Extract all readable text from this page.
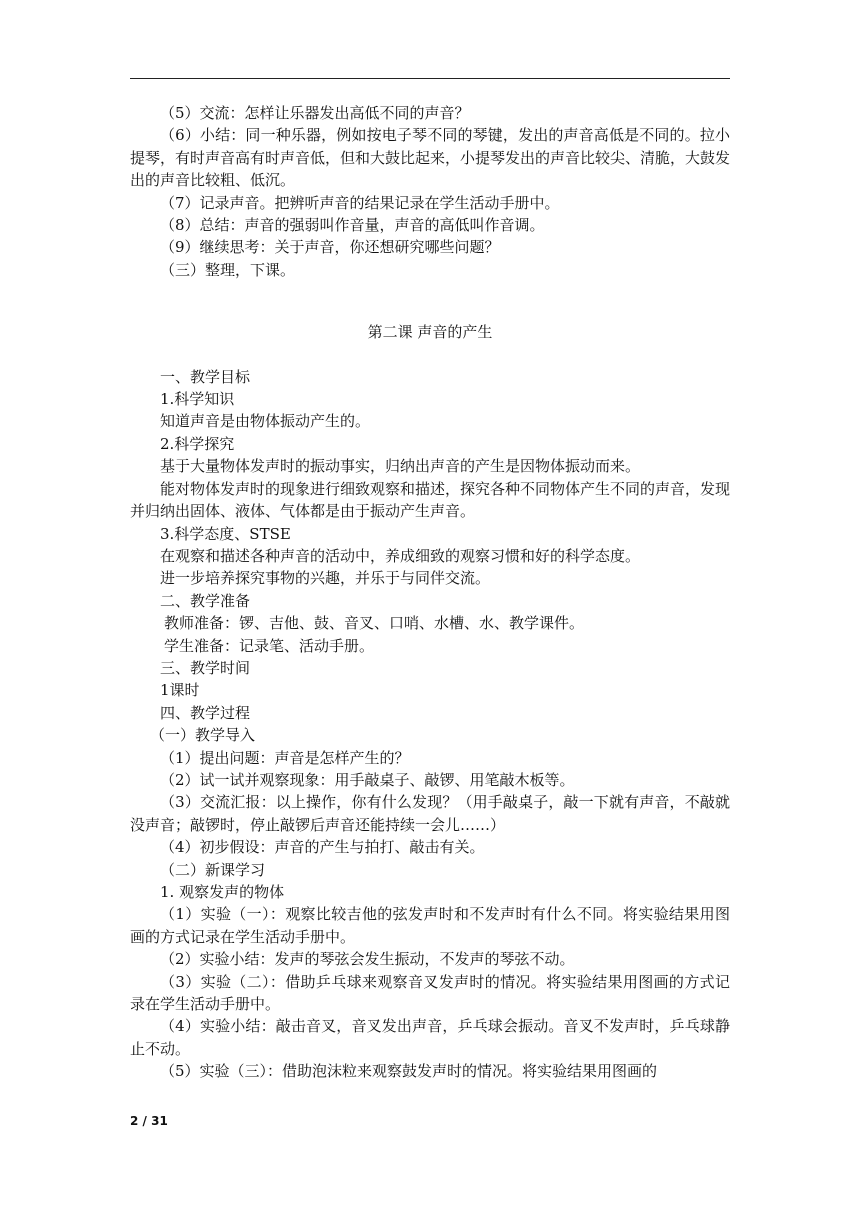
（5）交流：怎样让乐器发出高低不同的声音？

（6）小结：同一种乐器，例如按电子琴不同的琴键，发出的声音高低是不同的。拉小提琴，有时声音高有时声音低，但和大鼓比起来，小提琴发出的声音比较尖、清脆，大鼓发出的声音比较粗、低沉。

（7）记录声音。把辨听声音的结果记录在学生活动手册中。

（8）总结：声音的强弱叫作音量，声音的高低叫作音调。

（9）继续思考：关于声音，你还想研究哪些问题？

（三）整理，下课。

第二课 声音的产生

一、教学目标

1.科学知识

知道声音是由物体振动产生的。

2.科学探究

基于大量物体发声时的振动事实，归纳出声音的产生是因物体振动而来。

能对物体发声时的现象进行细致观察和描述，探究各种不同物体产生不同的声音，发现并归纳出固体、液体、气体都是由于振动产生声音。

3.科学态度、STSE

在观察和描述各种声音的活动中，养成细致的观察习惯和好的科学态度。

进一步培养探究事物的兴趣，并乐于与同伴交流。

二、教学准备

教师准备：锣、吉他、鼓、音叉、口哨、水槽、水、教学课件。

学生准备：记录笔、活动手册。

三、教学时间

1课时

四、教学过程

（一）教学导入

（1）提出问题：声音是怎样产生的？

（2）试一试并观察现象：用手敲桌子、敲锣、用笔敲木板等。

（3）交流汇报：以上操作，你有什么发现？（用手敲桌子，敲一下就有声音，不敲就没声音；敲锣时，停止敲锣后声音还能持续一会儿……）

（4）初步假设：声音的产生与拍打、敲击有关。

（二）新课学习

1. 观察发声的物体

（1）实验（一）：观察比较吉他的弦发声时和不发声时有什么不同。将实验结果用图画的方式记录在学生活动手册中。

（2）实验小结：发声的琴弦会发生振动，不发声的琴弦不动。

（3）实验（二）：借助乒乓球来观察音叉发声时的情况。将实验结果用图画的方式记录在学生活动手册中。

（4）实验小结：敲击音叉，音叉发出声音，乒乓球会振动。音叉不发声时，乒乓球静止不动。

（5）实验（三）：借助泡沫粒来观察鼓发声时的情况。将实验结果用图画的

2 / 31
